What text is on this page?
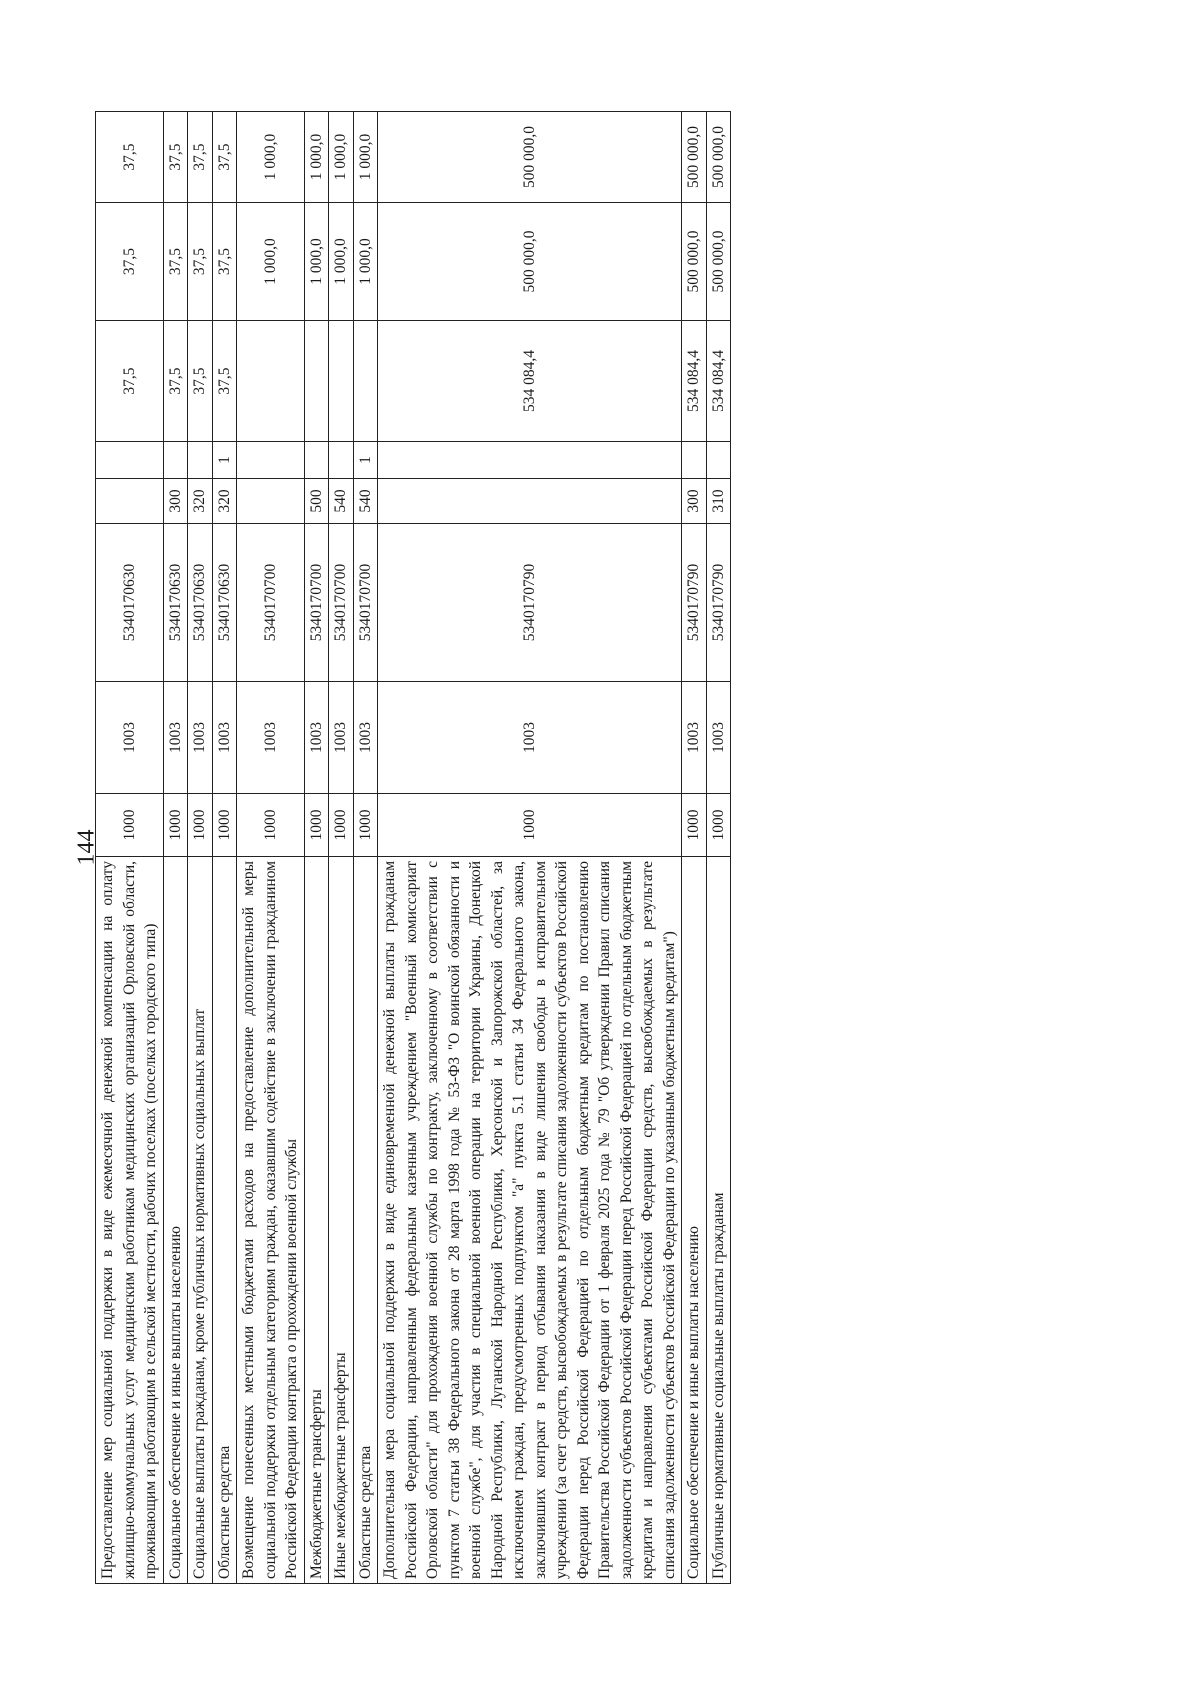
144
Предоставление мер социальной поддержки в виде ежемесячной денежной компенсации на оплату жилищно-коммунальных услуг медицинским работникам медицинских организаций Орловской области, проживающим и работающим в сельской местности, рабочих поселках (поселках городского типа)	1000	1003	5340170630			37,5	37,5	37,5
Социальное обеспечение и иные выплаты населению	1000	1003	5340170630	300		37,5	37,5	37,5
Социальные выплаты гражданам, кроме публичных нормативных социальных выплат	1000	1003	5340170630	320		37,5	37,5	37,5
Областные средства	1000	1003	5340170630	320	1	37,5	37,5	37,5
Возмещение понесенных местными бюджетами расходов на предоставление дополнительной меры социальной поддержки отдельным категориям граждан, оказавшим содействие в заключении гражданином Российской Федерации контракта о прохождении военной службы	1000	1003	5340170700				1 000,0	1 000,0
Межбюджетные трансферты	1000	1003	5340170700	500			1 000,0	1 000,0
Иные межбюджетные трансферты	1000	1003	5340170700	540			1 000,0	1 000,0
Областные средства	1000	1003	5340170700	540	1		1 000,0	1 000,0
Дополнительная мера социальной поддержки в виде единовременной денежной выплаты гражданам Российской Федерации, направленным федеральным казенным учреждением "Военный комиссариат Орловской области" для прохождения военной службы по контракту, заключенному в соответствии с пунктом 7 статьи 38 Федерального закона от 28 марта 1998 года № 53-ФЗ "О воинской обязанности и военной службе", для участия в специальной военной операции на территории Украины, Донецкой Народной Республики, Луганской Народной Республики, Херсонской и Запорожской областей, за исключением граждан, предусмотренных подпунктом "а" пункта 5.1 статьи 34 Федерального закона, заключивших контракт в период отбывания наказания в виде лишения свободы в исправительном учреждении (за счет средств, высвобождаемых в результате списания задолженности субъектов Российской Федерации перед Российской Федерацией по отдельным бюджетным кредитам по постановлению Правительства Российской Федерации от 1 февраля 2025 года № 79 "Об утверждении Правил списания задолженности субъектов Российской Федерации перед Российской Федерацией по отдельным бюджетным кредитам и направления субъектами Российской Федерации средств, высвобождаемых в результате списания задолженности субъектов Российской Федерации по указанным бюджетным кредитам")	1000	1003	5340170790			534 084,4	500 000,0	500 000,0
Социальное обеспечение и иные выплаты населению	1000	1003	5340170790	300		534 084,4	500 000,0	500 000,0
Публичные нормативные социальные выплаты гражданам	1000	1003	5340170790	310		534 084,4	500 000,0	500 000,0
